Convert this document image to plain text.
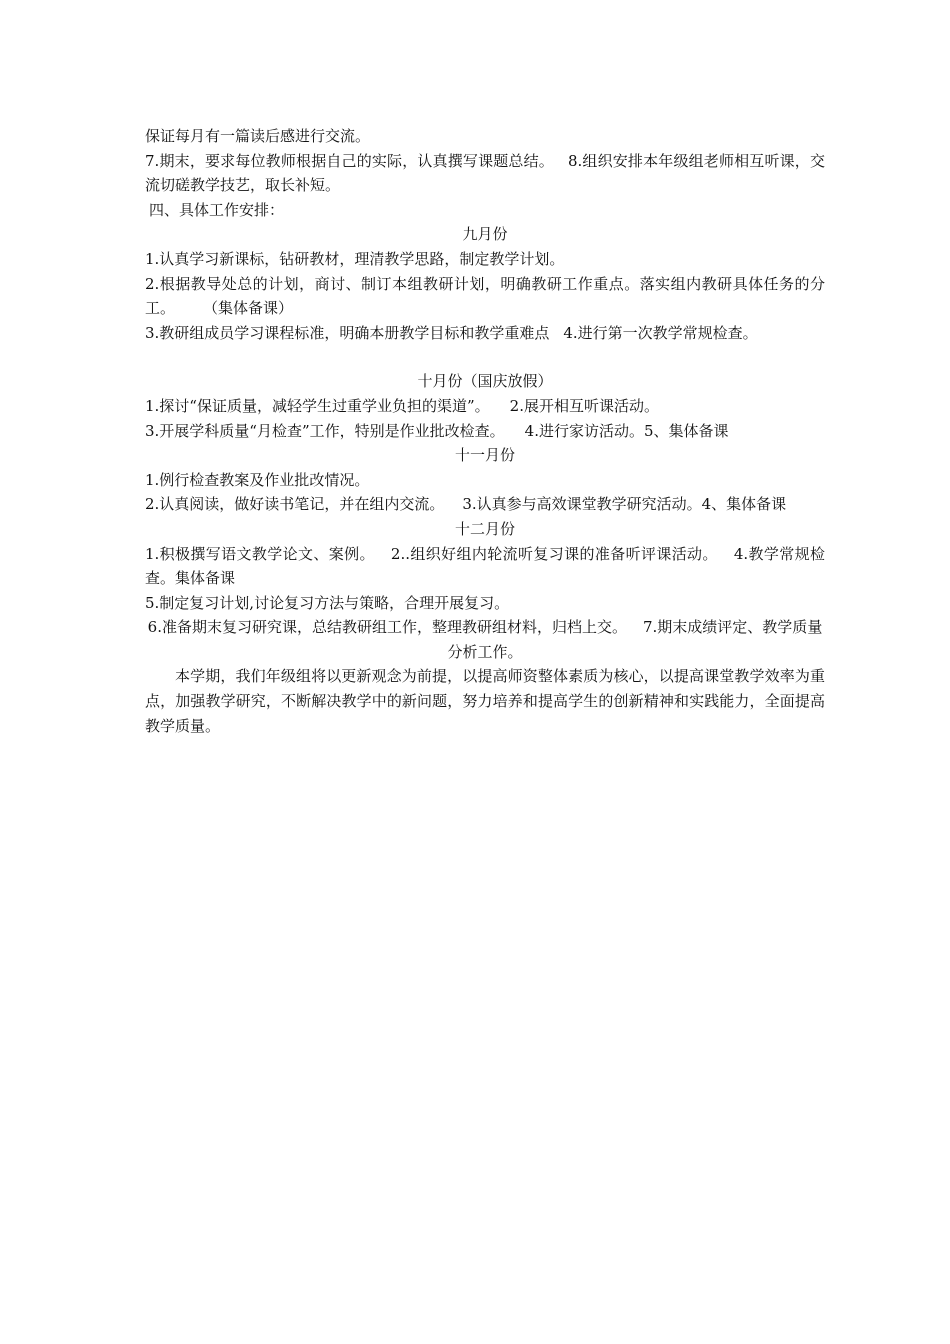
保证每月有一篇读后感进行交流。

7.期末，要求每位教师根据自己的实际，认真撰写课题总结。 8.组织安排本年级组老师相互听课，交流切磋教学技艺，取长补短。

四、具体工作安排：

九月份

1.认真学习新课标，钻研教材，理清教学思路，制定教学计划。

2.根据教导处总的计划，商讨、制订本组教研计划，明确教研工作重点。落实组内教研具体任务的分工。 （集体备课）

3.教研组成员学习课程标准，明确本册教学目标和教学重难点 4.进行第一次教学常规检查。

十月份（国庆放假）

1.探讨“保证质量，减轻学生过重学业负担的渠道”。 2.展开相互听课活动。

3.开展学科质量“月检查”工作，特别是作业批改检查。 4.进行家访活动。5、集体备课

十一月份

1.例行检查教案及作业批改情况。

2.认真阅读，做好读书笔记，并在组内交流。 3.认真参与高效课堂教学研究活动。4、集体备课

十二月份

1.积极撰写语文教学论文、案例。 2..组织好组内轮流听复习课的准备听评课活动。 4.教学常规检查。集体备课

5.制定复习计划,讨论复习方法与策略，合理开展复习。

6.准备期末复习研究课，总结教研组工作，整理教研组材料，归档上交。 7.期末成绩评定、教学质量分析工作。

本学期，我们年级组将以更新观念为前提，以提高师资整体素质为核心，以提高课堂教学效率为重点，加强教学研究，不断解决教学中的新问题，努力培养和提高学生的创新精神和实践能力，全面提高教学质量。
